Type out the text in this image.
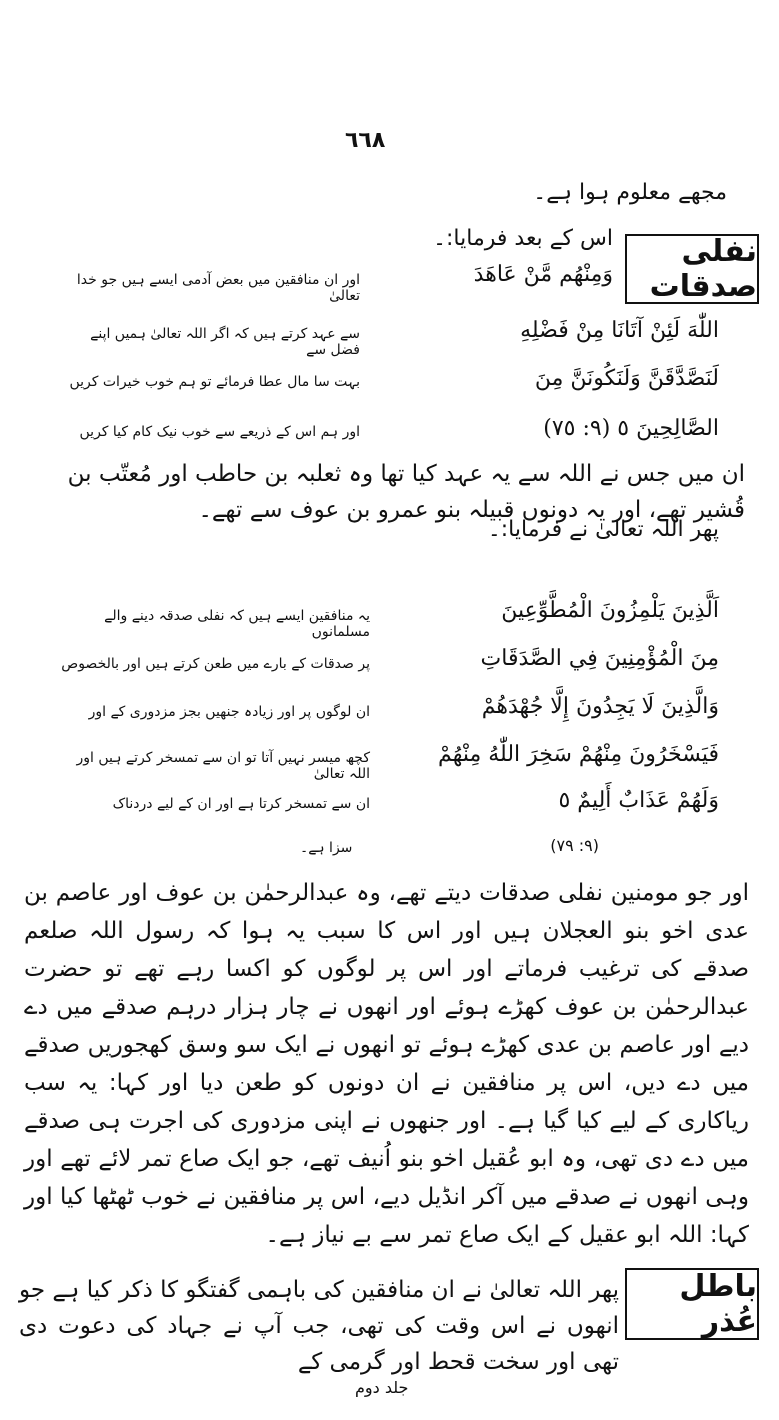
٦٦٨
مجھے معلوم ہوا ہے۔
نفلی صدقات
اس کے بعد فرمایا:۔
وَمِنْهُم مَّنْ عَاهَدَ
اللّٰهَ لَئِنْ آتَانَا مِنْ فَضْلِهِ
لَنَصَّدَّقَنَّ وَلَنَكُونَنَّ مِنَ
الصَّالِحِينَ ٥ (٩: ٧٥)
اور ان منافقین میں بعض آدمی ایسے ہیں جو خدا تعالیٰ
سے عہد کرتے ہیں کہ اگر اللہ تعالیٰ ہمیں اپنے فضل سے
بہت سا مال عطا فرمائے تو ہم خوب خیرات کریں
اور ہم اس کے ذریعے سے خوب نیک کام کیا کریں
ان میں جس نے اللہ سے یہ عہد کیا تھا وہ ثعلبہ بن حاطب اور مُعتّب بن قُشیر تھے، اور یہ دونوں قبیلہ بنو عمرو بن عوف سے تھے۔
پھر اللہ تعالیٰ نے فرمایا:۔
اَلَّذِينَ يَلْمِزُونَ الْمُطَّوِّعِينَ
مِنَ الْمُؤْمِنِينَ فِي الصَّدَقَاتِ
وَالَّذِينَ لَا يَجِدُونَ إِلَّا جُهْدَهُمْ
فَيَسْخَرُونَ مِنْهُمْ سَخِرَ اللّٰهُ مِنْهُمْ
وَلَهُمْ عَذَابٌ أَلِيمٌ ٥
(٩: ٧٩)
یہ منافقین ایسے ہیں کہ نفلی صدقہ دینے والے مسلمانوں
پر صدقات کے بارے میں طعن کرتے ہیں اور بالخصوص
ان لوگوں پر اور زیادہ جنھیں بجز مزدوری کے اور
کچھ میسر نہیں آتا تو ان سے تمسخر کرتے ہیں اور اللہ تعالیٰ
ان سے تمسخر کرتا ہے اور ان کے لیے دردناک
سزا ہے۔
اور جو مومنین نفلی صدقات دیتے تھے، وہ عبدالرحمٰن بن عوف اور عاصم بن عدی اخو بنو العجلان ہیں اور اس کا سبب یہ ہوا کہ رسول اللہ صلعم صدقے کی ترغیب فرماتے اور اس پر لوگوں کو اکسا رہے تھے تو حضرت عبدالرحمٰن بن عوف کھڑے ہوئے اور انھوں نے چار ہزار درہم صدقے میں دے دیے اور عاصم بن عدی کھڑے ہوئے تو انھوں نے ایک سو وسق کھجوریں صدقے میں دے دیں، اس پر منافقین نے ان دونوں کو طعن دیا اور کہا: یہ سب ریاکاری کے لیے کیا گیا ہے۔ اور جنھوں نے اپنی مزدوری کی اجرت ہی صدقے میں دے دی تھی، وہ ابو عُقیل اخو بنو اُنیف تھے، جو ایک صاع تمر لائے تھے اور وہی انھوں نے صدقے میں آکر انڈیل دیے، اس پر منافقین نے خوب ٹھٹھا کیا اور کہا: اللہ ابو عقیل کے ایک صاع تمر سے بے نیاز ہے۔
باطل عُذر
پھر اللہ تعالیٰ نے ان منافقین کی باہمی گفتگو کا ذکر کیا ہے جو انھوں نے اس وقت کی تھی، جب آپ نے جہاد کی دعوت دی تھی اور سخت قحط اور گرمی کے
جلد دوم
